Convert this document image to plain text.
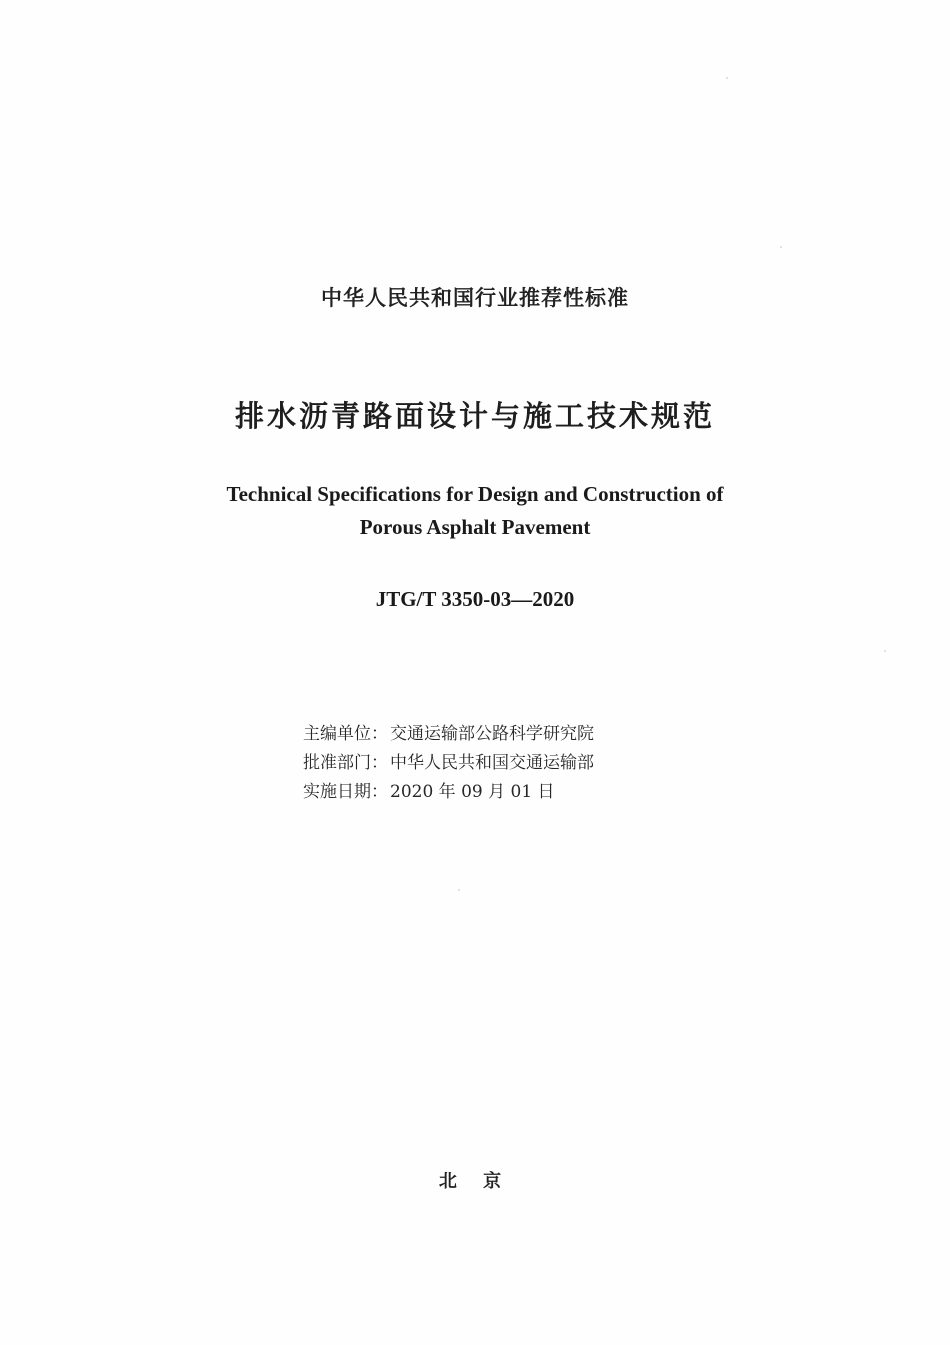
中华人民共和国行业推荐性标准
排水沥青路面设计与施工技术规范
Technical Specifications for Design and Construction of
Porous Asphalt Pavement
JTG/T 3350-03—2020
主编单位： 交通运输部公路科学研究院
批准部门： 中华人民共和国交通运输部
实施日期： 2020 年 09 月 01 日
北 京
